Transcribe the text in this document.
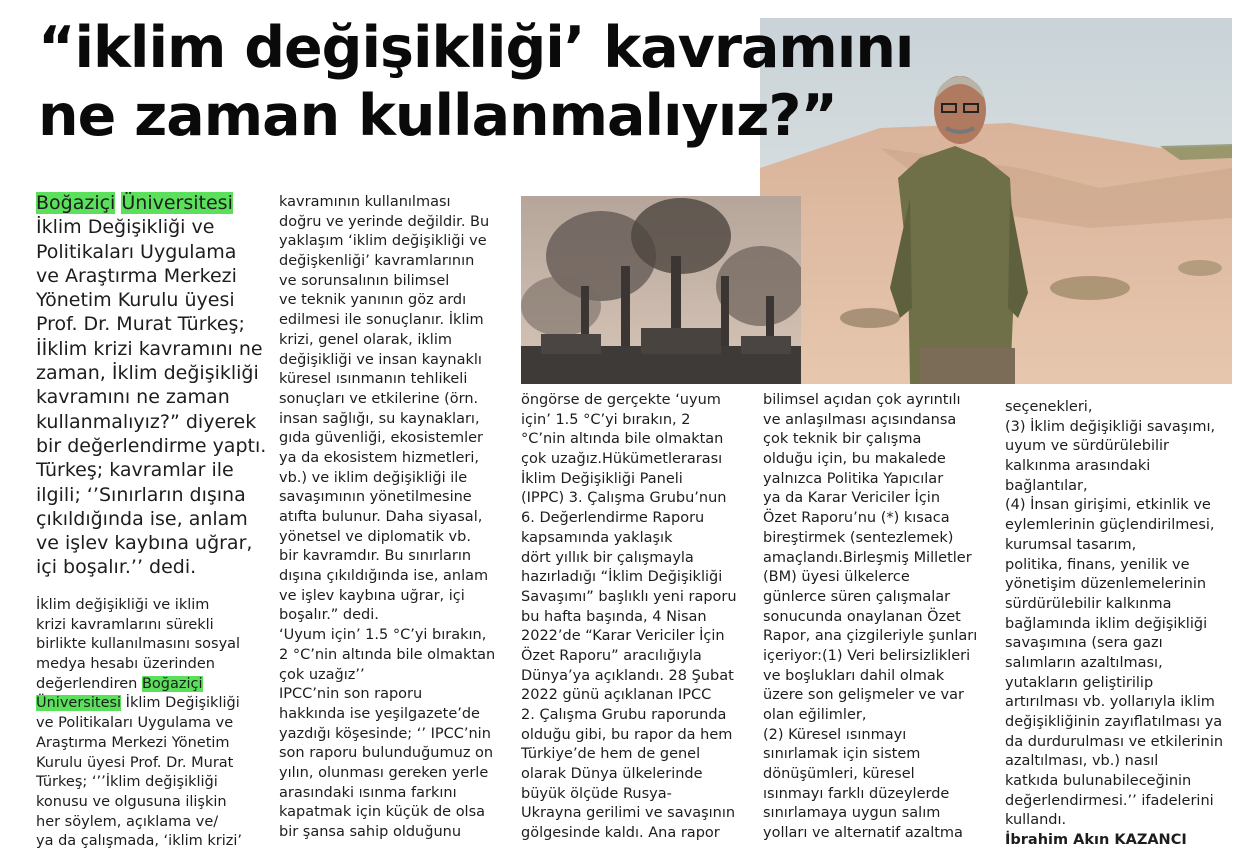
“iklim değişikliği’ kavramını
ne zaman kullanmalıyız?”
Boğaziçi Üniversitesi
İklim Değişikliği ve
Politikaları Uygulama
ve Araştırma Merkezi
Yönetim Kurulu üyesi
Prof. Dr. Murat Türkeş;
İİklim krizi kavramını ne
zaman, İklim değişikliği
kavramını ne zaman
kullanmalıyız?” diyerek
bir değerlendirme yaptı.
Türkeş; kavramlar ile
ilgili; ‘’Sınırların dışına
çıkıldığında ise, anlam
ve işlev kaybına uğrar,
içi boşalır.’’ dedi.
İklim değişikliği ve iklim
krizi kavramlarını sürekli
birlikte kullanılmasını sosyal
medya hesabı üzerinden
değerlendiren Boğaziçi
Üniversitesi İklim Değişikliği
ve Politikaları Uygulama ve
Araştırma Merkezi Yönetim
Kurulu üyesi Prof. Dr. Murat
Türkeş; ‘’’İklim değişikliği
konusu ve olgusuna ilişkin
her söylem, açıklama ve/
ya da çalışmada, ‘iklim krizi’
kavramının kullanılması
doğru ve yerinde değildir. Bu
yaklaşım ‘iklim değişikliği ve
değişkenliği’ kavramlarının
ve sorunsalının bilimsel
ve teknik yanının göz ardı
edilmesi ile sonuçlanır. İklim
krizi, genel olarak, iklim
değişikliği ve insan kaynaklı
küresel ısınmanın tehlikeli
sonuçları ve etkilerine (örn.
insan sağlığı, su kaynakları,
gıda güvenliği, ekosistemler
ya da ekosistem hizmetleri,
vb.) ve iklim değişikliği ile
savaşımının yönetilmesine
atıfta bulunur. Daha siyasal,
yönetsel ve diplomatik vb.
bir kavramdır. Bu sınırların
dışına çıkıldığında ise, anlam
ve işlev kaybına uğrar, içi
boşalır.” dedi.
‘Uyum için’ 1.5 °C’yi bırakın,
2 °C’nin altında bile olmaktan
çok uzağız’’
IPCC’nin son raporu
hakkında ise yeşilgazete’de
yazdığı köşesinde; ‘’ IPCC’nin
son raporu bulunduğumuz on
yılın, olunması gereken yerle
arasındaki ısınma farkını
kapatmak için küçük de olsa
bir şansa sahip olduğunu
öngörse de gerçekte ‘uyum
için’ 1.5 °C’yi bırakın, 2
°C’nin altında bile olmaktan
çok uzağız.Hükümetlerarası
İklim Değişikliği Paneli
(IPPC) 3. Çalışma Grubu’nun
6. Değerlendirme Raporu
kapsamında yaklaşık
dört yıllık bir çalışmayla
hazırladığı “İklim Değişikliği
Savaşımı” başlıklı yeni raporu
bu hafta başında, 4 Nisan
2022’de “Karar Vericiler İçin
Özet Raporu” aracılığıyla
Dünya’ya açıklandı. 28 Şubat
2022 günü açıklanan IPCC
2. Çalışma Grubu raporunda
olduğu gibi, bu rapor da hem
Türkiye’de hem de genel
olarak Dünya ülkelerinde
büyük ölçüde Rusya-
Ukrayna gerilimi ve savaşının
gölgesinde kaldı. Ana rapor
bilimsel açıdan çok ayrıntılı
ve anlaşılması açısındansa
çok teknik bir çalışma
olduğu için, bu makalede
yalnızca Politika Yapıcılar
ya da Karar Vericiler İçin
Özet Raporu’nu (*) kısaca
bireştirmek (sentezlemek)
amaçlandı.Birleşmiş Milletler
(BM) üyesi ülkelerce
günlerce süren çalışmalar
sonucunda onaylanan Özet
Rapor, ana çizgileriyle şunları
içeriyor:(1) Veri belirsizlikleri
ve boşlukları dahil olmak
üzere son gelişmeler ve var
olan eğilimler,
(2) Küresel ısınmayı
sınırlamak için sistem
dönüşümleri, küresel
ısınmayı farklı düzeylerde
sınırlamaya uygun salım
yolları ve alternatif azaltma
seçenekleri,
(3) İklim değişikliği savaşımı,
uyum ve sürdürülebilir
kalkınma arasındaki
bağlantılar,
(4) İnsan girişimi, etkinlik ve
eylemlerinin güçlendirilmesi,
kurumsal tasarım,
politika, finans, yenilik ve
yönetişim düzenlemelerinin
sürdürülebilir kalkınma
bağlamında iklim değişikliği
savaşımına (sera gazı
salımların azaltılması,
yutakların geliştirilip
artırılması vb. yollarıyla iklim
değişikliğinin zayıflatılması ya
da durdurulması ve etkilerinin
azaltılması, vb.) nasıl
katkıda bulunabileceğinin
değerlendirmesi.’’ ifadelerini
kullandı.
İbrahim Akın KAZANCI
